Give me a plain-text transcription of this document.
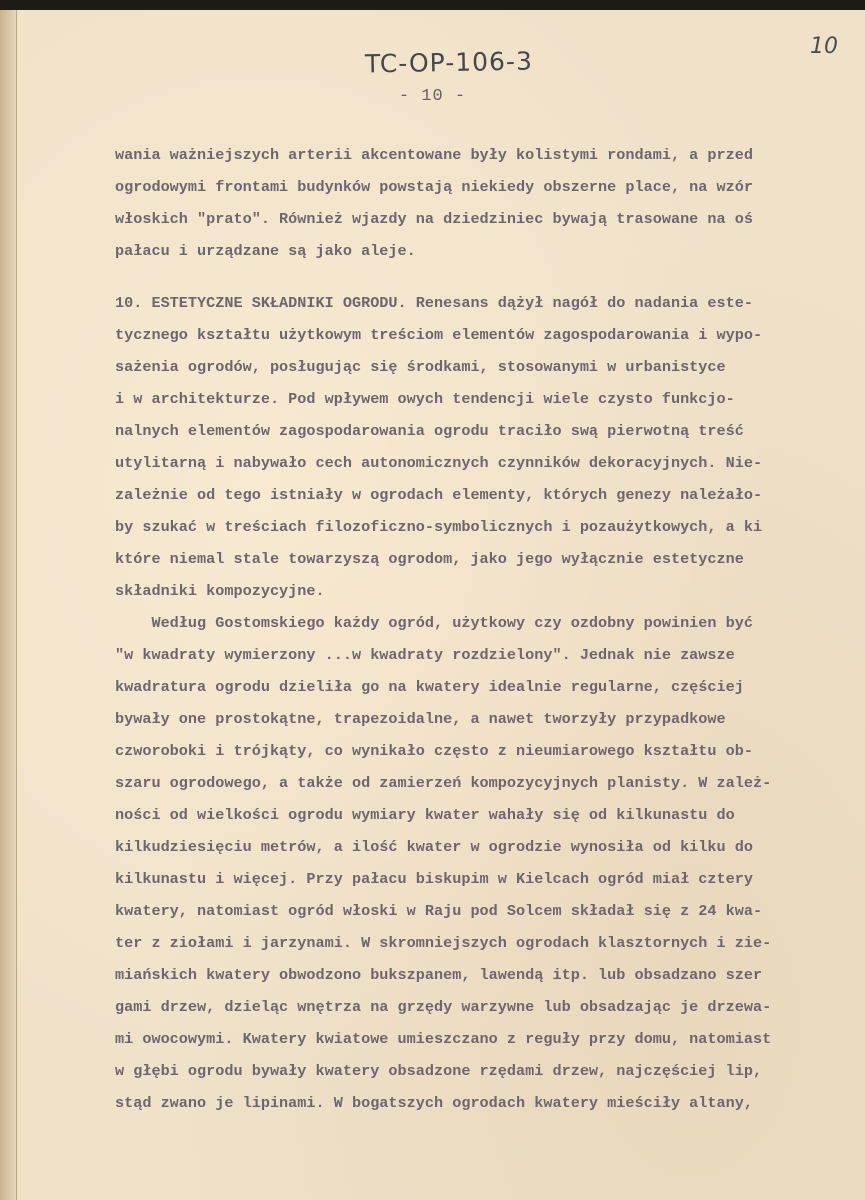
TC-OP-106-3
10
- 10 -
wania ważniejszych arterii akcentowane były kolistymi rondami, a przed
ogrodowymi frontami budynków powstają niekiedy obszerne place, na wzór
włoskich "prato". Również wjazdy na dziedziniec bywają trasowane na oś
pałacu i urządzane są jako aleje.
10. ESTETYCZNE SKŁADNIKI OGRODU. Renesans dążył nagół do nadania este-
tycznego kształtu użytkowym treściom elementów zagospodarowania i wypo-
sażenia ogrodów, posługując się środkami, stosowanymi w urbanistyce
i w architekturze. Pod wpływem owych tendencji wiele czysto funkcjo-
nalnych elementów zagospodarowania ogrodu traciło swą pierwotną treść
utylitarną i nabywało cech autonomicznych czynników dekoracyjnych. Nie-
zależnie od tego istniały w ogrodach elementy, których genezy należało-
by szukać w treściach filozoficzno-symbolicznych i pozaużytkowych, a ki
które niemal stale towarzyszą ogrodom, jako jego wyłącznie estetyczne
składniki kompozycyjne.
Według Gostomskiego każdy ogród, użytkowy czy ozdobny powinien być
"w kwadraty wymierzony ...w kwadraty rozdzielony". Jednak nie zawsze
kwadratura ogrodu dzieliła go na kwatery idealnie regularne, częściej
bywały one prostokątne, trapezoidalne, a nawet tworzyły przypadkowe
czworoboki i trójkąty, co wynikało często z nieumiarowego kształtu ob-
szaru ogrodowego, a także od zamierzeń kompozycyjnych planisty. W zależ-
ności od wielkości ogrodu wymiary kwater wahały się od kilkunastu do
kilkudziesięciu metrów, a ilość kwater w ogrodzie wynosiła od kilku do
kilkunastu i więcej. Przy pałacu biskupim w Kielcach ogród miał cztery
kwatery, natomiast ogród włoski w Raju pod Solcem składał się z 24 kwa-
ter z ziołami i jarzynami. W skromniejszych ogrodach klasztornych i zie-
miańskich kwatery obwodzono bukszpanem, lawendą itp. lub obsadzano szer
gami drzew, dzieląc wnętrza na grzędy warzywne lub obsadzając je drzewa-
mi owocowymi. Kwatery kwiatowe umieszczano z reguły przy domu, natomiast
w głębi ogrodu bywały kwatery obsadzone rzędami drzew, najczęściej lip,
stąd zwano je lipinami. W bogatszych ogrodach kwatery mieściły altany,
